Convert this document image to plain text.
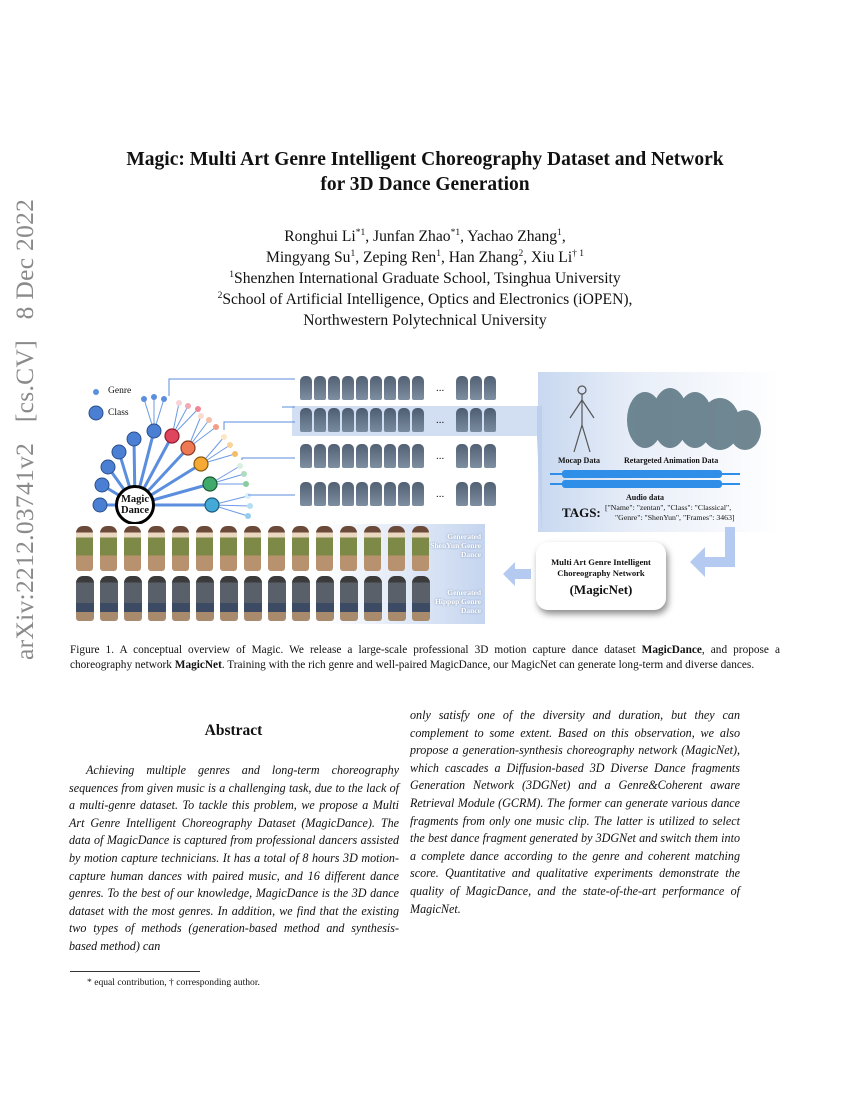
arXiv:2212.03741v2 [cs.CV] 8 Dec 2022
Magic: Multi Art Genre Intelligent Choreography Dataset and Network
for 3D Dance Generation
Ronghui Li$^{*1}$, Junfan Zhao$^{*1}$, Yachao Zhang$^1$,
Mingyang Su$^1$, Zeping Ren$^1$, Han Zhang$^2$, Xiu Li$^{\dagger 1}$
$^1$Shenzhen International Graduate School, Tsinghua University
$^2$School of Artificial Intelligence, Optics and Electronics (iOPEN),
Northwestern Polytechnical University
Genre
Class
Magic
Dance
...
...
...
...
Mocap Data	Retargeted Animation Data
Audio data
TAGS: ["Name": "zentan", "Class": "Classical",
"Genre": "ShenYun", "Frames": 3463]
Generated
ShenYun Genre
Dance
Generated
Hippop Genre
Dance
Multi Art Genre Intelligent
Choreography Network
(MagicNet)
Figure 1. A conceptual overview of Magic. We release a large-scale professional 3D motion capture dance dataset MagicDance, and propose a choreography network MagicNet. Training with the rich genre and well-paired MagicDance, our MagicNet can generate long-term and diverse dances.
Abstract
Achieving multiple genres and long-term choreography sequences from given music is a challenging task, due to the lack of a multi-genre dataset. To tackle this problem, we propose a Multi Art Genre Intelligent Choreography Dataset (MagicDance). The data of MagicDance is captured from professional dancers assisted by motion capture technicians. It has a total of 8 hours 3D motion-capture human dances with paired music, and 16 different dance genres. To the best of our knowledge, MagicDance is the 3D dance dataset with the most genres. In addition, we find that the existing two types of methods (generation-based method and synthesis-based method) can
only satisfy one of the diversity and duration, but they can complement to some extent. Based on this observation, we also propose a generation-synthesis choreography network (MagicNet), which cascades a Diffusion-based 3D Diverse Dance fragments Generation Network (3DGNet) and a Genre&Coherent aware Retrieval Module (GCRM). The former can generate various dance fragments from only one music clip. The latter is utilized to select the best dance fragment generated by 3DGNet and switch them into a complete dance according to the genre and coherent matching score. Quantitative and qualitative experiments demonstrate the quality of MagicDance, and the state-of-the-art performance of MagicNet.
* equal contribution, † corresponding author.
